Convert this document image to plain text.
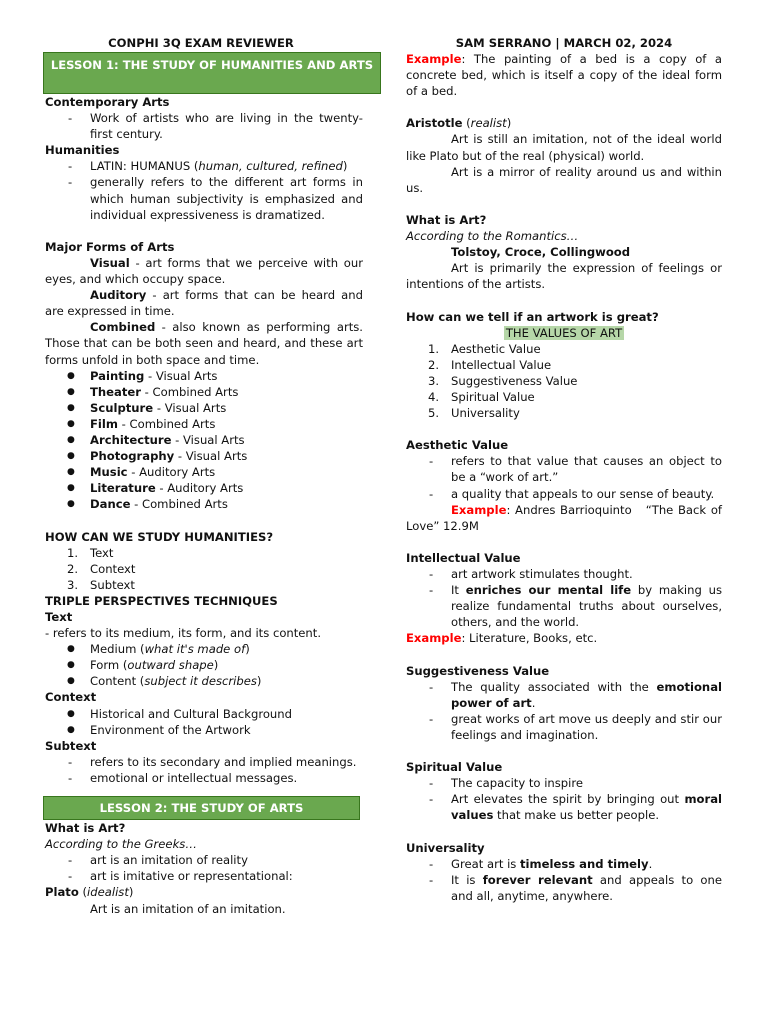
CONPHI 3Q EXAM REVIEWER
LESSON 1: THE STUDY OF HUMANITIES AND ARTS

Contemporary Arts

- Work of artists who are living in the twenty-first century.

Humanities

- LATIN: HUMANUS (human, cultured, refined)
- generally refers to the different art forms in which human subjectivity is emphasized and individual expressiveness is dramatized.

Major Forms of Arts

Visual - art forms that we perceive with our eyes, and which occupy space.

Auditory - art forms that can be heard and are expressed in time.

Combined - also known as performing arts. Those that can be both seen and heard, and these art forms unfold in both space and time.

● Painting - Visual Arts
● Theater - Combined Arts
● Sculpture - Visual Arts
● Film - Combined Arts
● Architecture - Visual Arts
● Photography - Visual Arts
● Music - Auditory Arts
● Literature - Auditory Arts
● Dance - Combined Arts

HOW CAN WE STUDY HUMANITIES?

1. Text
2. Context
3. Subtext

TRIPLE PERSPECTIVES TECHNIQUES

Text

- refers to its medium, its form, and its content.

● Medium (what it's made of)
● Form (outward shape)
● Content (subject it describes)

Context

● Historical and Cultural Background
● Environment of the Artwork

Subtext

- refers to its secondary and implied meanings.
- emotional or intellectual messages.
LESSON 2: THE STUDY OF ARTS

What is Art?

According to the Greeks…

- art is an imitation of reality
- art is imitative or representational:

Plato (idealist)

Art is an imitation of an imitation.

SAM SERRANO | MARCH 02, 2024

Example: The painting of a bed is a copy of a concrete bed, which is itself a copy of the ideal form of a bed.

Aristotle (realist)

Art is still an imitation, not of the ideal world like Plato but of the real (physical) world.

Art is a mirror of reality around us and within us.

What is Art?

According to the Romantics…

Tolstoy, Croce, Collingwood

Art is primarily the expression of feelings or intentions of the artists.

How can we tell if an artwork is great?

THE VALUES OF ART

1. Aesthetic Value
2. Intellectual Value
3. Suggestiveness Value
4. Spiritual Value
5. Universality

Aesthetic Value

- refers to that value that causes an object to be a “work of art.”
- a quality that appeals to our sense of beauty.

Example: Andres Barrioquinto   “The Back of Love” 12.9M

Intellectual Value

- art artwork stimulates thought.
- It enriches our mental life by making us realize fundamental truths about ourselves, others, and the world.

Example: Literature, Books, etc.

Suggestiveness Value

- The quality associated with the emotional power of art.
- great works of art move us deeply and stir our feelings and imagination.

Spiritual Value

- The capacity to inspire
- Art elevates the spirit by bringing out moral values that make us better people.

Universality

- Great art is timeless and timely.
- It is forever relevant and appeals to one and all, anytime, anywhere.
